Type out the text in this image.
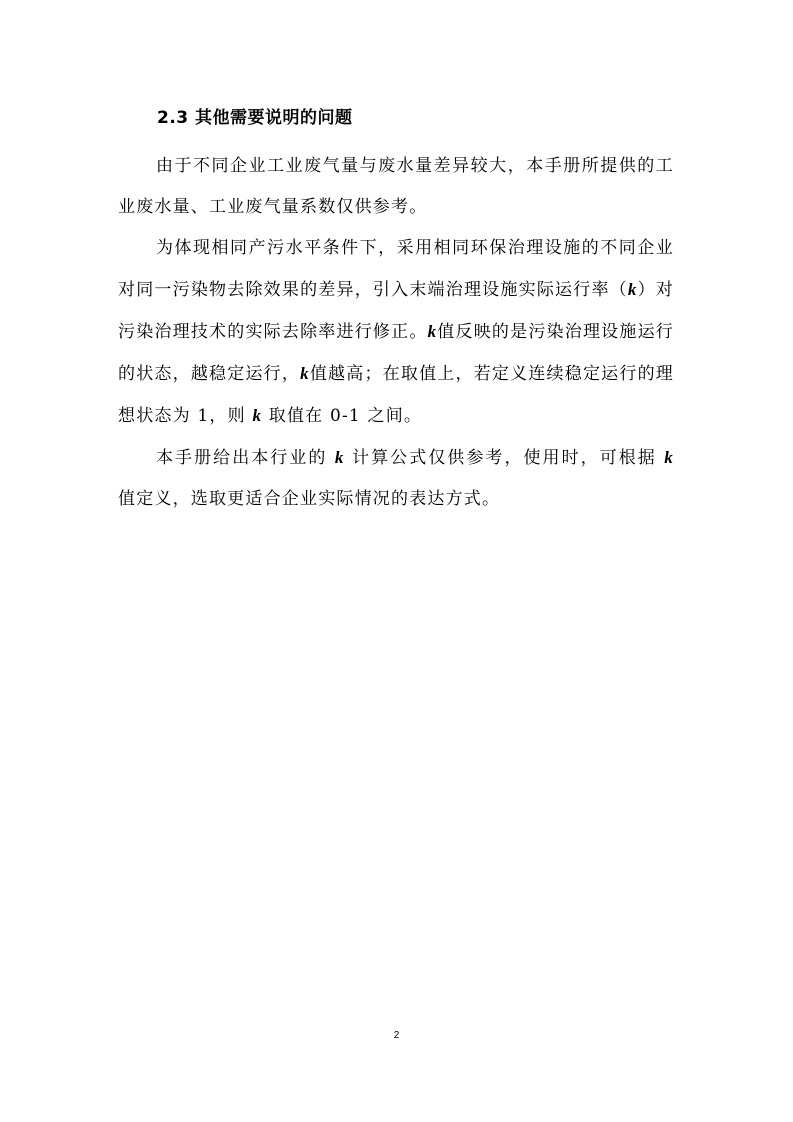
2.3 其他需要说明的问题

由于不同企业工业废气量与废水量差异较大，本手册所提供的工业废水量、工业废气量系数仅供参考。

为体现相同产污水平条件下，采用相同环保治理设施的不同企业对同一污染物去除效果的差异，引入末端治理设施实际运行率（k）对污染治理技术的实际去除率进行修正。k值反映的是污染治理设施运行的状态，越稳定运行，k值越高；在取值上，若定义连续稳定运行的理想状态为 1，则 k 取值在 0-1 之间。

本手册给出本行业的 k 计算公式仅供参考，使用时，可根据 k 值定义，选取更适合企业实际情况的表达方式。

2
